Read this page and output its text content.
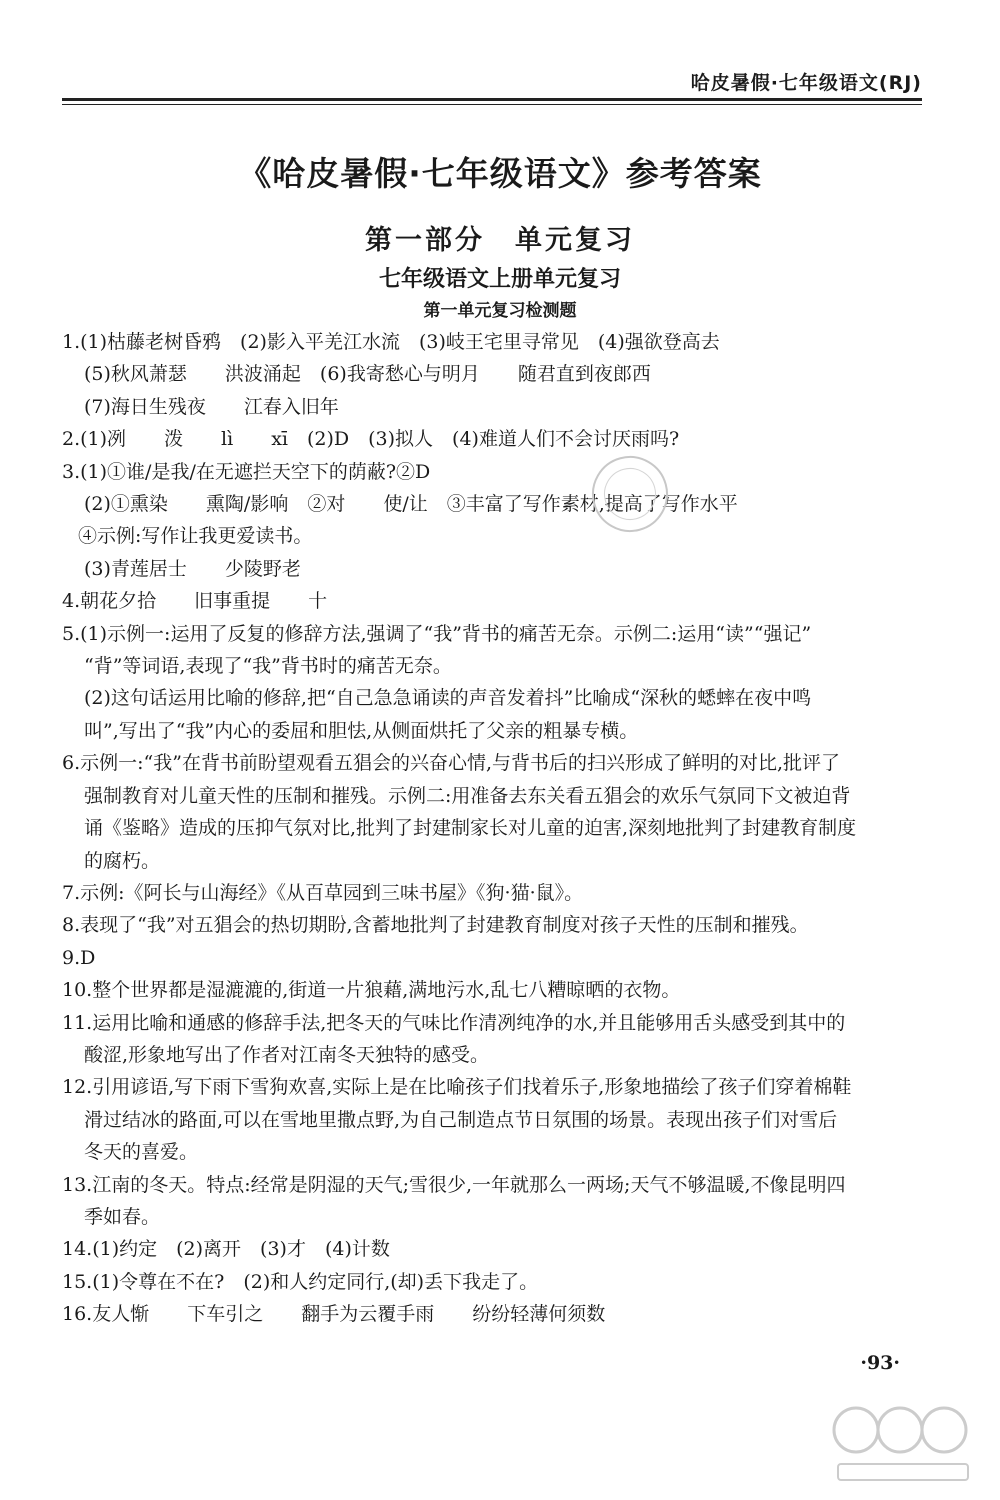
哈皮暑假·七年级语文(RJ)
《哈皮暑假·七年级语文》参考答案
第一部分　单元复习
七年级语文上册单元复习
第一单元复习检测题
1.(1)枯藤老树昏鸦　(2)影入平羌江水流　(3)岐王宅里寻常见　(4)强欲登高去
(5)秋风萧瑟　　洪波涌起　(6)我寄愁心与明月　　随君直到夜郎西
(7)海日生残夜　　江春入旧年
2.(1)冽　　泼　　lì　　xī　(2)D　(3)拟人　(4)难道人们不会讨厌雨吗?
3.(1)①谁/是我/在无遮拦天空下的荫蔽?②D
(2)①熏染　　熏陶/影响　②对　　使/让　③丰富了写作素材,提高了写作水平
④示例:写作让我更爱读书。
(3)青莲居士　　少陵野老
4.朝花夕拾　　旧事重提　　十
5.(1)示例一:运用了反复的修辞方法,强调了“我”背书的痛苦无奈。示例二:运用“读”“强记”
“背”等词语,表现了“我”背书时的痛苦无奈。
(2)这句话运用比喻的修辞,把“自己急急诵读的声音发着抖”比喻成“深秋的蟋蟀在夜中鸣
叫”,写出了“我”内心的委屈和胆怯,从侧面烘托了父亲的粗暴专横。
6.示例一:“我”在背书前盼望观看五猖会的兴奋心情,与背书后的扫兴形成了鲜明的对比,批评了
强制教育对儿童天性的压制和摧残。示例二:用准备去东关看五猖会的欢乐气氛同下文被迫背
诵《鉴略》造成的压抑气氛对比,批判了封建制家长对儿童的迫害,深刻地批判了封建教育制度
的腐朽。
7.示例:《阿长与山海经》《从百草园到三味书屋》《狗·猫·鼠》。
8.表现了“我”对五猖会的热切期盼,含蓄地批判了封建教育制度对孩子天性的压制和摧残。
9.D
10.整个世界都是湿漉漉的,街道一片狼藉,满地污水,乱七八糟晾晒的衣物。
11.运用比喻和通感的修辞手法,把冬天的气味比作清冽纯净的水,并且能够用舌头感受到其中的
酸涩,形象地写出了作者对江南冬天独特的感受。
12.引用谚语,写下雨下雪狗欢喜,实际上是在比喻孩子们找着乐子,形象地描绘了孩子们穿着棉鞋
滑过结冰的路面,可以在雪地里撒点野,为自己制造点节日氛围的场景。表现出孩子们对雪后
冬天的喜爱。
13.江南的冬天。特点:经常是阴湿的天气;雪很少,一年就那么一两场;天气不够温暖,不像昆明四
季如春。
14.(1)约定　(2)离开　(3)才　(4)计数
15.(1)令尊在不在?　(2)和人约定同行,(却)丢下我走了。
16.友人惭　　下车引之　　翻手为云覆手雨　　纷纷轻薄何须数
·93·
